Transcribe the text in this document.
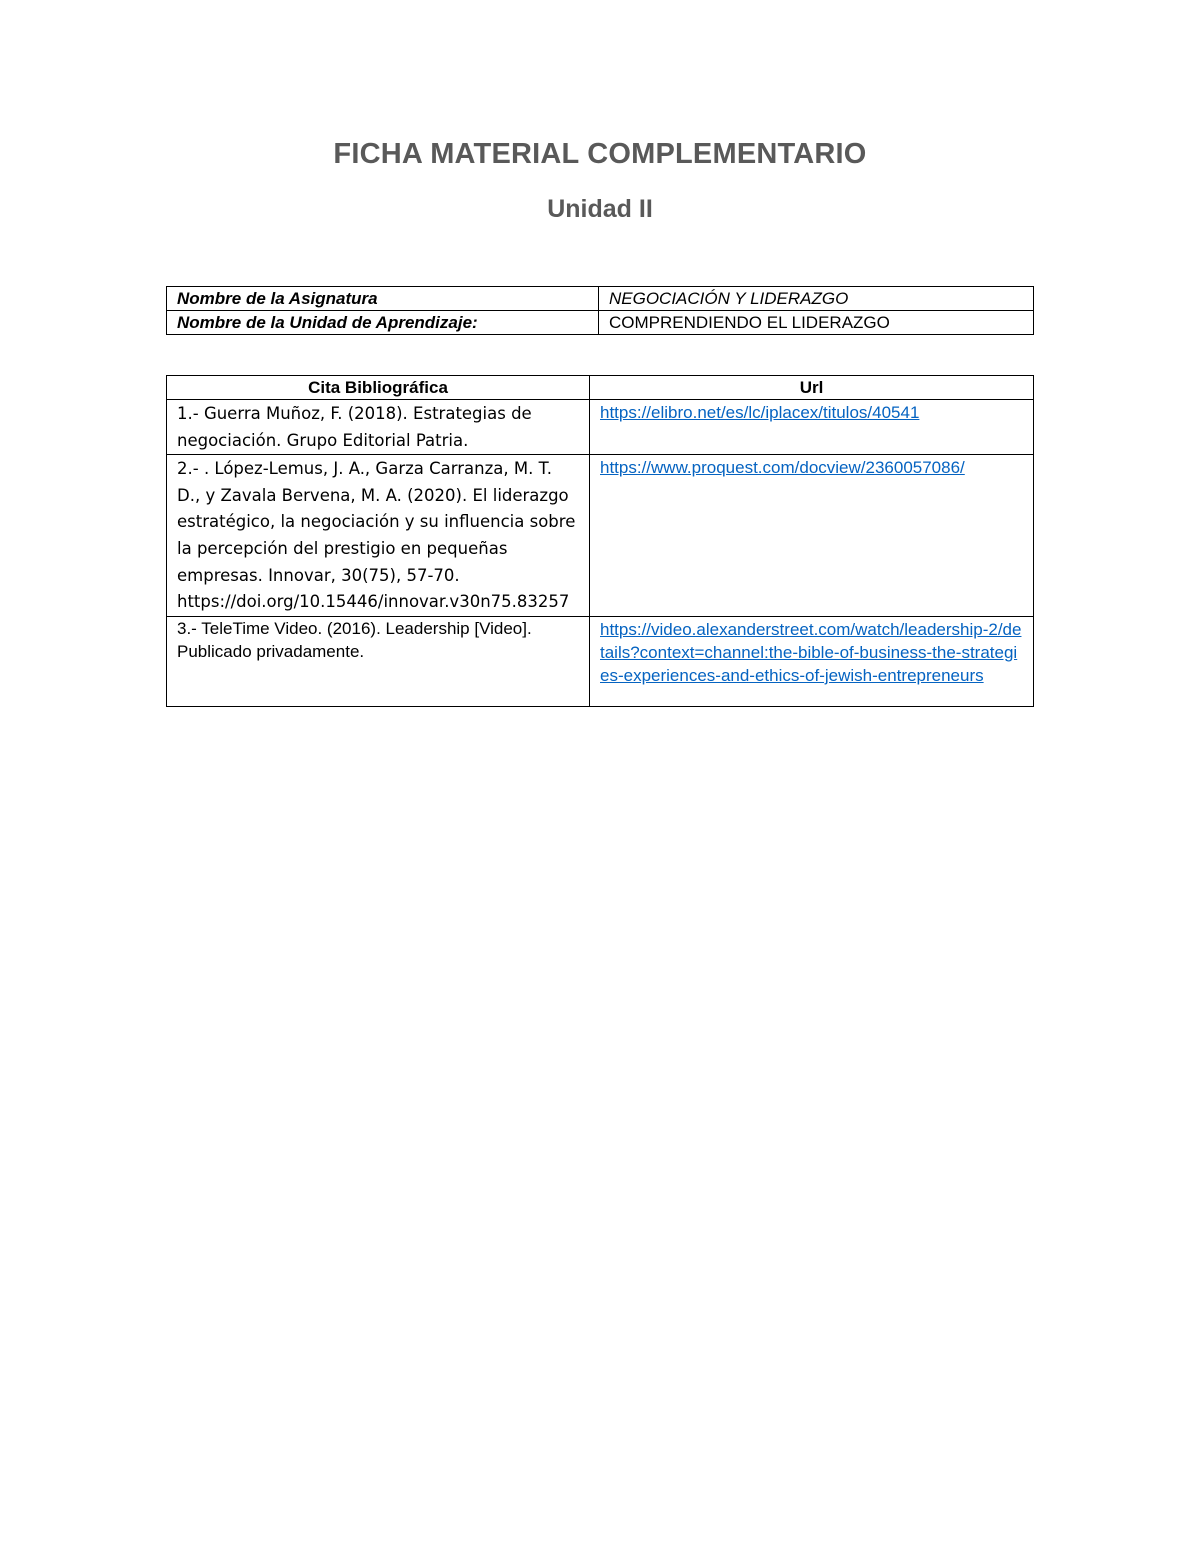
FICHA MATERIAL COMPLEMENTARIO
Unidad II
Nombre de la Asignatura	NEGOCIACIÓN Y LIDERAZGO
Nombre de la Unidad de Aprendizaje:	COMPRENDIENDO EL LIDERAZGO
Cita Bibliográfica	Url
1.- Guerra Muñoz, F. (2018). Estrategias de negociación. Grupo Editorial Patria.	https://elibro.net/es/lc/iplacex/titulos/40541
2.- . López-Lemus, J. A., Garza Carranza, M. T. D., y Zavala Bervena, M. A. (2020). El liderazgo estratégico, la negociación y su influencia sobre la percepción del prestigio en pequeñas empresas. Innovar, 30(75), 57-70. https://doi.org/10.15446/innovar.v30n75.83257	https://www.proquest.com/docview/2360057086/
3.- TeleTime Video. (2016). Leadership [Video]. Publicado privadamente.	https://video.alexanderstreet.com/watch/leadership-2/details?context=channel:the-bible-of-business-the-strategies-experiences-and-ethics-of-jewish-entrepreneurs
